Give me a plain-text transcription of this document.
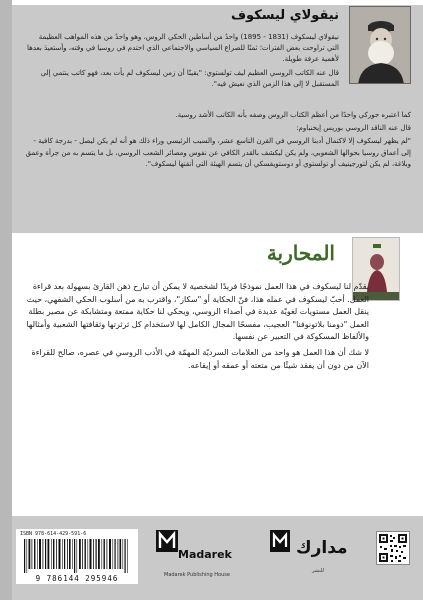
نيقولاي ليسكوف

نيقولاي ليسكوف (1831 - 1895) واحدٌ من أساطين الحكي الروس، وهو واحدٌ من هذه المواهب العظيمة التي تراوحت بعض الفترات؛ ثمنًا للصراع السياسي والاجتماعي الذي احتدم في روسيا في وقته، وأستعيدَ بعدها لأهمية عرفة طويلة.

قال عنه الكاتب الروسي العظيم ليف تولستوي: "يقينًا أن زمن ليسكوف لم يأت بعد، فهو كاتب ينتمي إلى المستقبل لا إلى هذا الزمن الذي نعيش فيه".

كما اعتبره جوركي واحدًا من أعظم الكتاب الروس وصفه بأنه الكاتب الأشد روسية.

قال عنه الناقد الروسي بوريس إيخنباوم:

"لم يظهر ليسكوف إلا لاكتمال أدبنا الروسي في القرن التاسع عشر، والسبب الرئيسي وراء ذلك هو أنه لم يكن ليصل - بدرجة كافية - إلى أعماق روسيا بحوالها الشعوبي، ولم يكن ليكشف بالقدر الكافي عن نفوس ومصائر الشعب الروسي، بل ما يتسم به من جرأة وعمق وبلاغة، لم يكن لتورجينيف أو تولستوي أو دوستويفسكي أن يتسم الهيئة التي أتقنها ليسكوف".

المحاربة

يقدّم لنا ليسكوف في هذا العمل نموذجًا فريدًا لشخصية لا يمكن أن تبارح ذهن القارئ بسهولة بعد قراءة العمل. أحبّ ليسكوف في عمله هذا، فنّ الحكاية أو "سكاز"، واقترب به من أسلوب الحكي الشفهي، حيث ينقل العمل مستويات لغويّة عديدة في أصداء الروسي، ويحكي لنا حكاية ممتعة ومتشابكة عن مصير بطلة العمل "دومنا بلاتونوفنا" العجيب، مفسحًا المجال الكامل لها لاستخدام كل ثرثرتها وثقافتها الشعبية وأمثالها والألفاظ المسكوكة في التعبير عن نفسها.

لا شك أن هذا العمل هو واحد من العلامات السرديّة المهمّة في الأدب الروسي في عصره، صالح للقراءة الآن من دون أن يفقد شيئًا من متعته أو عمقه أو إيقاعه.

ISBN 978-614-429-591-6
9 786144 295946
Madarek
Madarek Publishing House
مدارك
للنشر
